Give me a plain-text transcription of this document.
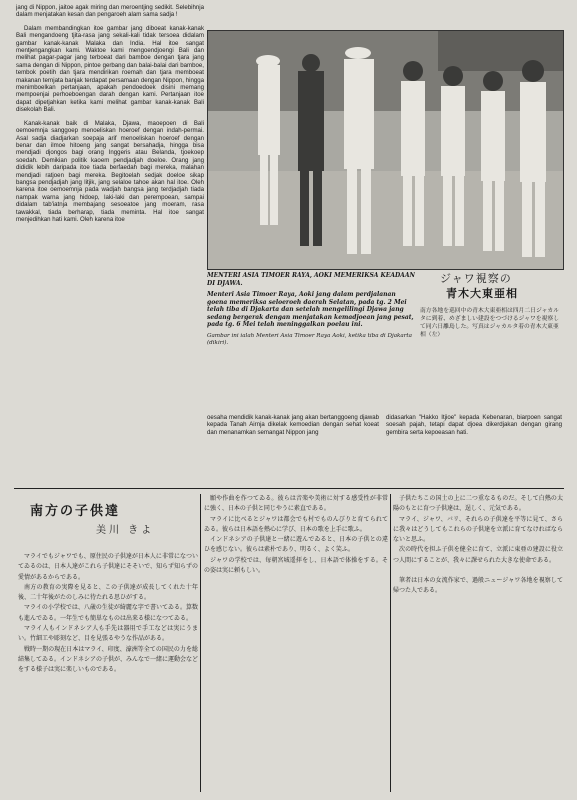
jang di Nippon, jaitoe agak miring dan meroentjing sedikit. Selebihnja dalam menjatakan kesan dan pengaroeh alam sama sadja !

Dalam membandingkan itoe gambar jang diboeat kanak-kanak Bali mengandoeng tjita-rasa jang sekali-kali tidak tersoea didalam gambar kanak-kanak Malaka dan India. Hal itoe sangat mentjengangkan kami. Waktoe kami mengoendjoengi Bali dan melihat pagar-pagar jang terboeat dari bamboe dengan tjara jang sama dengan di Nippon, pintoe gerbang dan balai-balai dari bamboe, tembok poetih dan tjara mendirikan roemah dan tjara memboeat makanan ternjata banjak terdapat persamaan dengan Nippon, hingga menimboelkan pertanjaan, apakah pendoedoek disini memang mempoenjai perhoeboengan darah dengan kami. Pertanjaan itoe dapat dipetjahkan ketika kami melihat gambar kanak-kanak Bali disekolah Bali.

Kanak-kanak baik di Malaka, Djawa, maoepoen di Bali oemoemnja sanggoep menoeliskan hoeroef dengan indah-permai. Asal sadja diadjarkan soepaja arif menoeliskan hoeroef dengan benar dan ilmoe hitoeng jang sangat bersahadja, hingga bisa mendjadi djongos bagi orang Inggeris atau Belanda, tjoekoep soedah. Demikian politik kaoem pendjadjah doeloe. Orang jang dididik lebih daripada itoe tiada berfaedah bagi mereka, malahan mendjadi ratjoen bagi mereka. Begitoelah sedjak doeloe sikap bangsa pendjadjah jang litjik, jang selaloe tahoe akan hal itoe. Oleh karena itoe oemoemnja pada wadjah bangsa jang terdjadjah tiada nampak warna jang hidoep, laki-laki dan perempoean, sampai didalam tab'iatnja membajang sesoeatoe jang moeram, rasa tawakkal, tiada berharap, tiada meminta. Hal itoe sangat menjedihkan hati kami. Oleh karena itoe

MENTERI ASIA TIMOER RAYA, AOKI MEMERIKSA KEADAAN DI DJAWA.
Menteri Asia Timoer Raya, Aoki jang dalam perdjalanan goena memeriksa seloeroeh daerah Selatan, pada tg. 2 Mei telah tiba di Djakarta dan setelah mengelilingi Djawa jang sedang bergerak dengan menjatakan kemadjoean jang pesat, pada tg. 6 Mei telah meninggalkan poelau ini.
Gambar ini ialah Menteri Asia Timoer Raya Aoki, ketika tiba di Djakarta (dikiri).
ジャワ視察の
青木大東亜相
南方各地を巡回中の青木大東亜相は四月二日ジャカルタに到着、めざましい建設をつづけるジャワを視察して同六日離島した。写真はジャカルタ着の青木大東亜相（左）

oesaha mendidik kanak-kanak jang akan bertanggoeng djawab kepada Tanah Airnja dikelak kemoedian dengan sehat koeat dan menanamkan semangat Nippon jang

didasarkan "Hakko Itjioe" kepada Kebenaran, biarpoen sangat soesah pajah, tetapi dapat djoea dikerdjakan dengan girang gembira serta kepoeasan hati.

南方の子供達
美川 きよ

マライでもジャワでも、原住民の子供達が日本人に非常になついてゐるのは、日本人達がこれら子供達にそそいで、知らず知らずの愛情があるからである。

南方の教育の実際を見ると、この子供達が成長してくれた十年後、二十年後がたのしみに待たれる思ひがする。

マライの小学校では、八歳の生徒が綺麗な字で書いてゐる。算数も進んでゐる。一年生でも簡単なものは出来る様になつてゐる。

マライ人もインドネシア人も手先は器用で手工などは実にうまい。竹細工や彫刻など、目を見張るやうな作品がある。

戦時一期の現在日本はマライ、印度、濠洲等全ての国民の力を総結集してゐる。インドネシアの子供が、みんなで一緒に運動会などをする様子は実に楽しいものである。

願や作曲を作つてゐる。彼らは音楽や美術に対する感受性が非常に強く、日本の子供と同じやうに素直である。

マライに比べるとジャワは都会でも村でものんびりと育てられてゐる。彼らは日本語を熱心に学び、日本の歌を上手に歌ふ。

インドネシアの子供達と一緒に遊んでゐると、日本の子供との違ひを感じない。彼らは素朴であり、明るく、よく笑ふ。

ジャワの学校では、毎朝宮城遥拝をし、日本語で体操をする。その姿は実に頼もしい。

子供たちこの国土の上に二つ重なるものだ。そして白熱の太陽のもとに育つ子供達は、逞しく、元気である。

マライ、ジャワ、バリ、それらの子供達を平等に見て、さらに我々はどうしてもこれらの子供達を立派に育てなければならないと思ふ。

次の時代を担ふ子供を健全に育て、立派に東亜の建設に役立つ人間にすることが、我々に課せられた大きな使命である。

筆者は日本の女流作家で、過般ニュージャワ各地を視察して帰つた人である。
